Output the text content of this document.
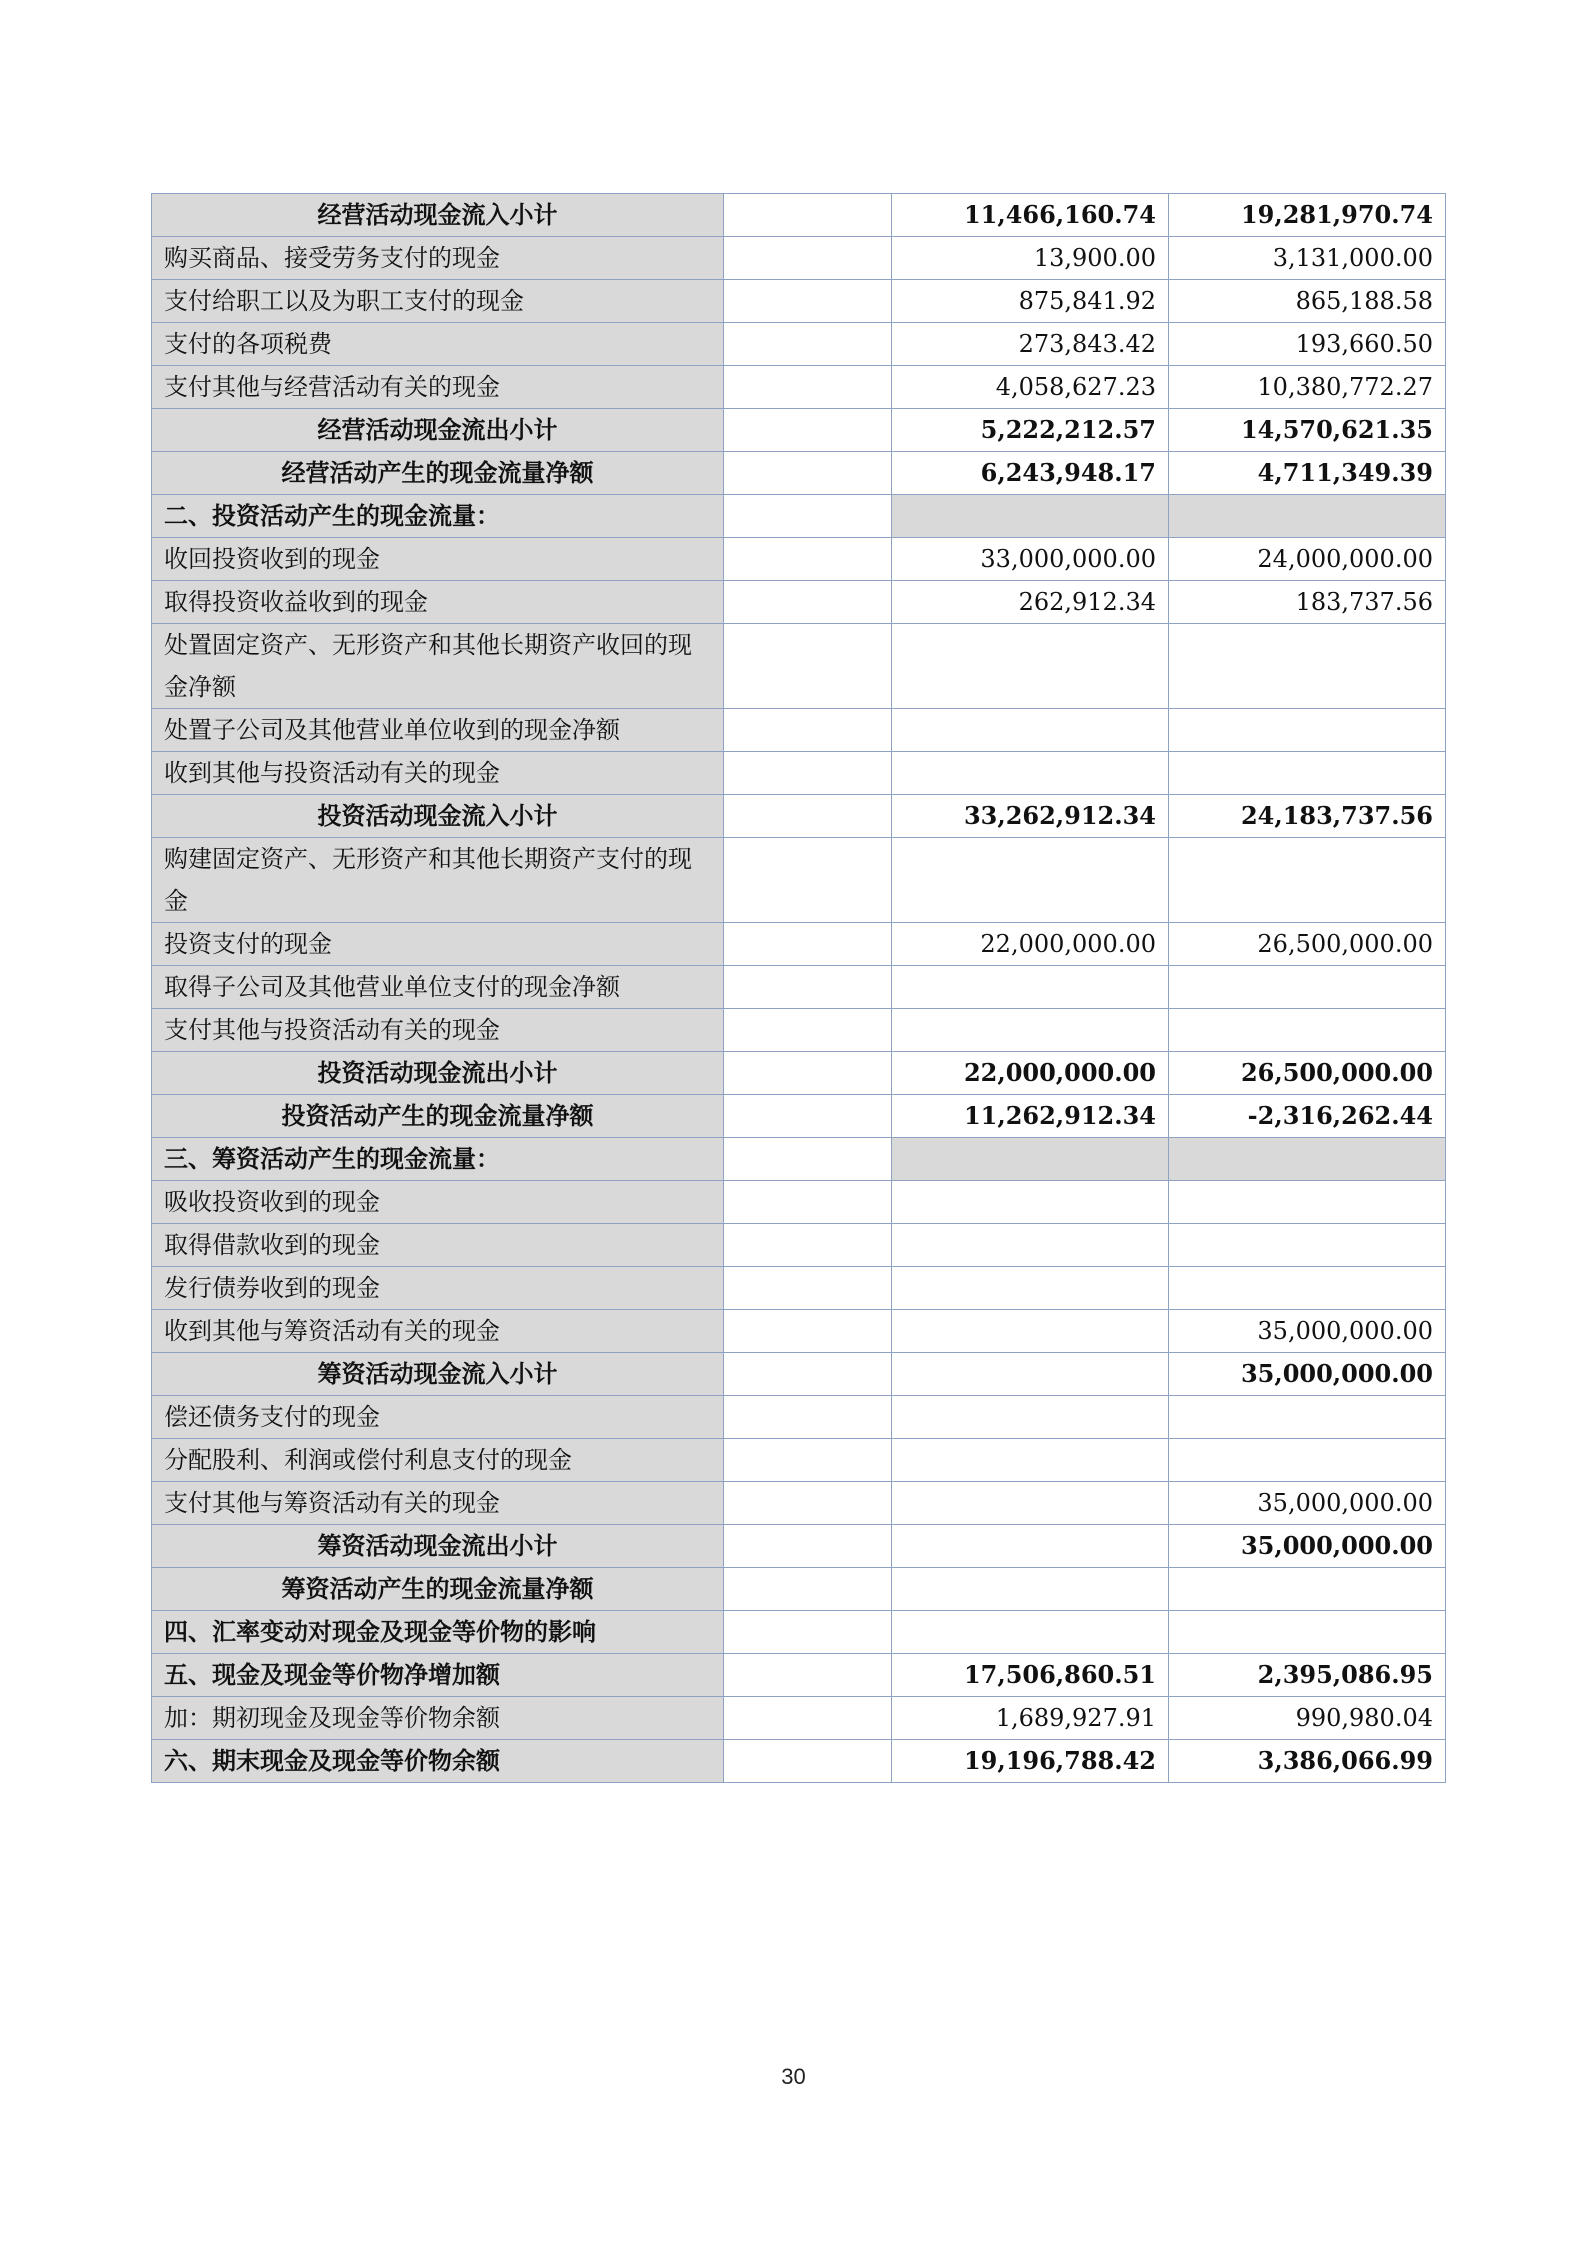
经营活动现金流入小计		11,466,160.74	19,281,970.74
购买商品、接受劳务支付的现金		13,900.00	3,131,000.00
支付给职工以及为职工支付的现金		875,841.92	865,188.58
支付的各项税费		273,843.42	193,660.50
支付其他与经营活动有关的现金		4,058,627.23	10,380,772.27
经营活动现金流出小计		5,222,212.57	14,570,621.35
经营活动产生的现金流量净额		6,243,948.17	4,711,349.39
二、投资活动产生的现金流量：			
收回投资收到的现金		33,000,000.00	24,000,000.00
取得投资收益收到的现金		262,912.34	183,737.56
处置固定资产、无形资产和其他长期资产收回的现金净额			
处置子公司及其他营业单位收到的现金净额			
收到其他与投资活动有关的现金			
投资活动现金流入小计		33,262,912.34	24,183,737.56
购建固定资产、无形资产和其他长期资产支付的现金			
投资支付的现金		22,000,000.00	26,500,000.00
取得子公司及其他营业单位支付的现金净额			
支付其他与投资活动有关的现金			
投资活动现金流出小计		22,000,000.00	26,500,000.00
投资活动产生的现金流量净额		11,262,912.34	-2,316,262.44
三、筹资活动产生的现金流量：			
吸收投资收到的现金			
取得借款收到的现金			
发行债券收到的现金			
收到其他与筹资活动有关的现金			35,000,000.00
筹资活动现金流入小计			35,000,000.00
偿还债务支付的现金			
分配股利、利润或偿付利息支付的现金			
支付其他与筹资活动有关的现金			35,000,000.00
筹资活动现金流出小计			35,000,000.00
筹资活动产生的现金流量净额			
四、汇率变动对现金及现金等价物的影响			
五、现金及现金等价物净增加额		17,506,860.51	2,395,086.95
加：期初现金及现金等价物余额		1,689,927.91	990,980.04
六、期末现金及现金等价物余额		19,196,788.42	3,386,066.99
30
